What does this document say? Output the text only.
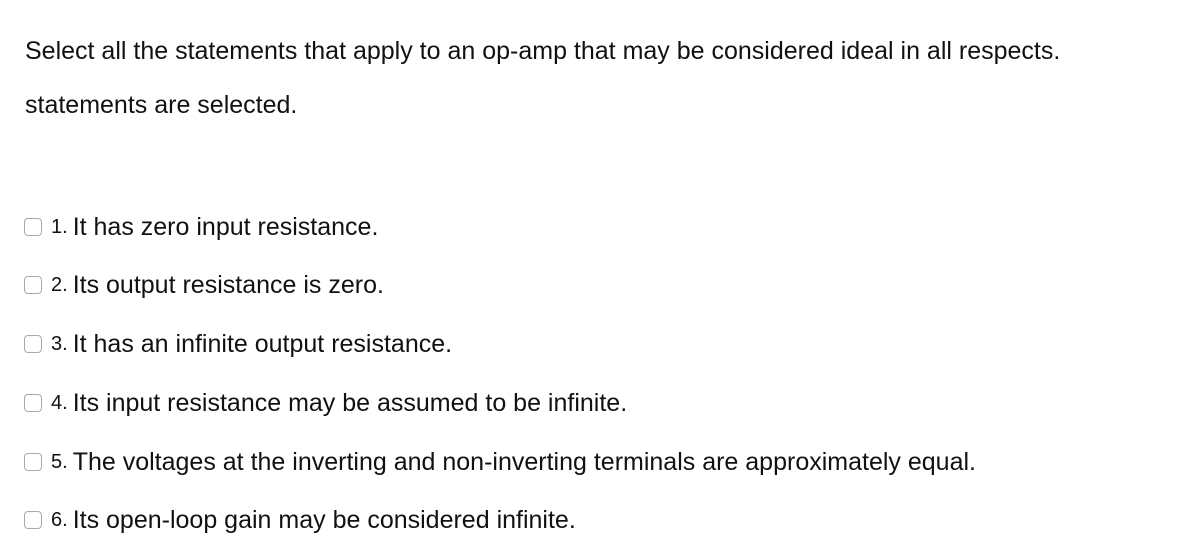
Select all the statements that apply to an op-amp that may be considered ideal in all respects.
statements are selected.
1. It has zero input resistance.
2. Its output resistance is zero.
3. It has an infinite output resistance.
4. Its input resistance may be assumed to be infinite.
5. The voltages at the inverting and non-inverting terminals are approximately equal.
6. Its open-loop gain may be considered infinite.
